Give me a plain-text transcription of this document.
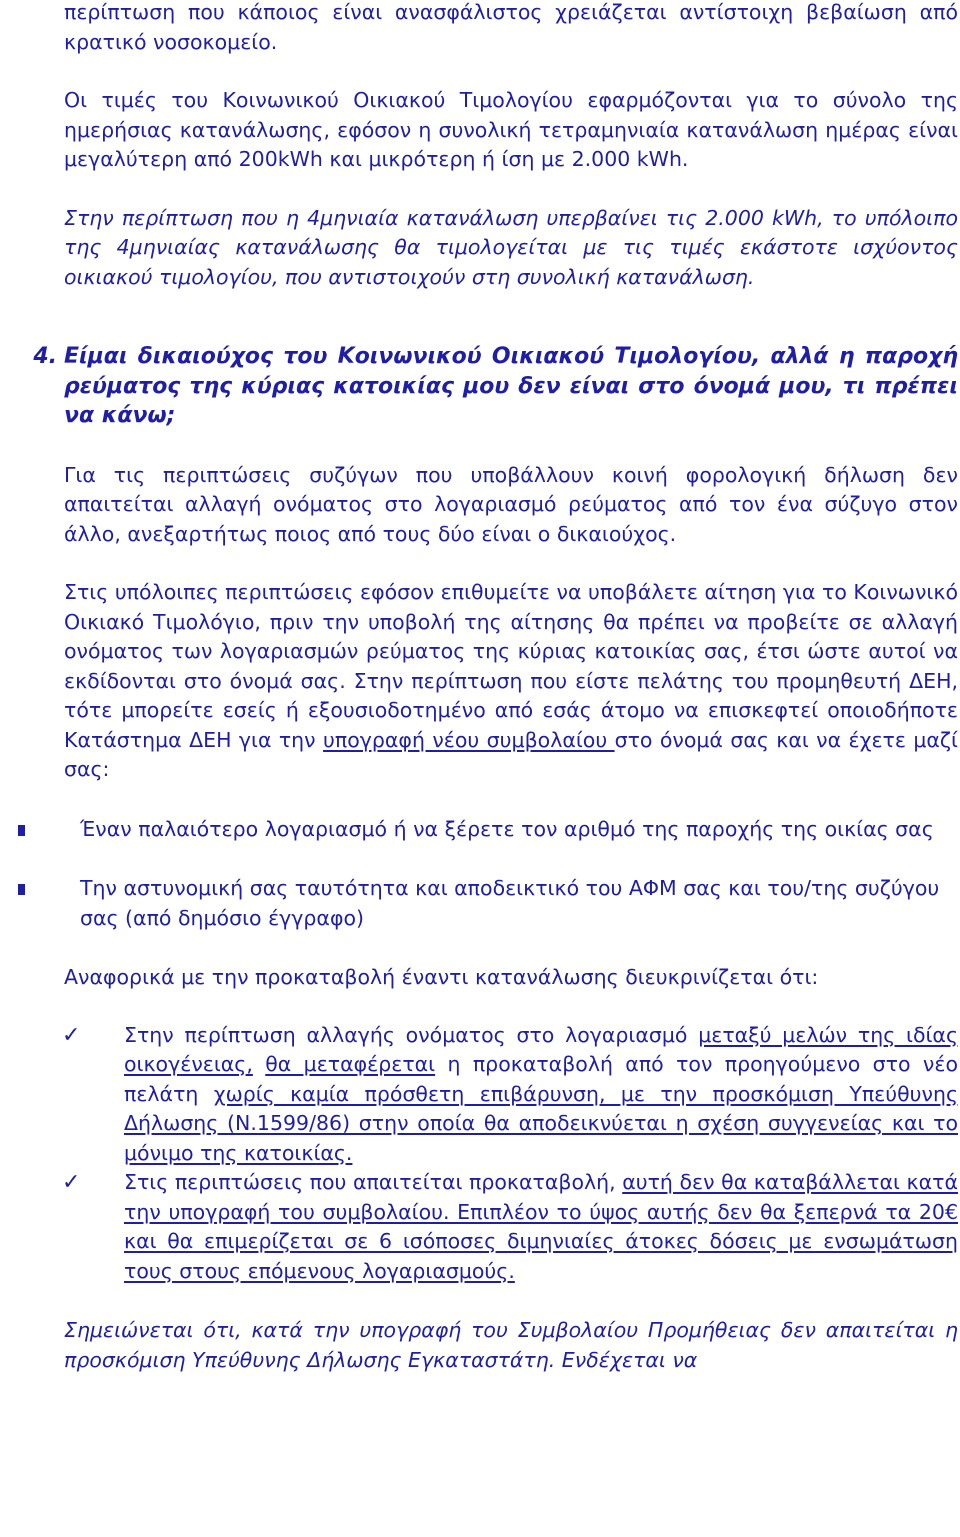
περίπτωση που κάποιος είναι ανασφάλιστος χρειάζεται αντίστοιχη βεβαίωση από κρατικό νοσοκομείο.

Οι τιμές του Κοινωνικού Οικιακού Τιμολογίου εφαρμόζονται για το σύνολο της ημερήσιας κατανάλωσης, εφόσον η συνολική τετραμηνιαία κατανάλωση ημέρας είναι μεγαλύτερη από 200kWh και μικρότερη ή ίση με 2.000 kWh.

Στην περίπτωση που η 4μηνιαία κατανάλωση υπερβαίνει τις 2.000 kWh, το υπόλοιπο της 4μηνιαίας κατανάλωσης θα τιμολογείται με τις τιμές εκάστοτε ισχύοντος οικιακού τιμολογίου, που αντιστοιχούν στη συνολική κατανάλωση.

4. Είμαι δικαιούχος του Κοινωνικού Οικιακού Τιμολογίου, αλλά η παροχή ρεύματος της κύριας κατοικίας μου δεν είναι στο όνομά μου, τι πρέπει να κάνω;

Για τις περιπτώσεις συζύγων που υποβάλλουν κοινή φορολογική δήλωση δεν απαιτείται αλλαγή ονόματος στο λογαριασμό ρεύματος από τον ένα σύζυγο στον άλλο, ανεξαρτήτως ποιος από τους δύο είναι ο δικαιούχος.

Στις υπόλοιπες περιπτώσεις εφόσον επιθυμείτε να υποβάλετε αίτηση για το Κοινωνικό Οικιακό Τιμολόγιο, πριν την υποβολή της αίτησης θα πρέπει να προβείτε σε αλλαγή ονόματος των λογαριασμών ρεύματος της κύριας κατοικίας σας, έτσι ώστε αυτοί να εκδίδονται στο όνομά σας. Στην περίπτωση που είστε πελάτης του προμηθευτή ΔΕΗ, τότε μπορείτε εσείς ή εξουσιοδοτημένο από εσάς άτομο να επισκεφτεί οποιοδήποτε Κατάστημα ΔΕΗ για την υπογραφή νέου συμβολαίου στο όνομά σας και να έχετε μαζί σας:

Έναν παλαιότερο λογαριασμό ή να ξέρετε τον αριθμό της παροχής της οικίας σας
Την αστυνομική σας ταυτότητα και αποδεικτικό του ΑΦΜ σας και του/της συζύγου σας (από δημόσιο έγγραφο)

Αναφορικά με την προκαταβολή έναντι κατανάλωσης διευκρινίζεται ότι:

✓ Στην περίπτωση αλλαγής ονόματος στο λογαριασμό μεταξύ μελών της ιδίας οικογένειας, θα μεταφέρεται η προκαταβολή από τον προηγούμενο στο νέο πελάτη χωρίς καμία πρόσθετη επιβάρυνση, με την προσκόμιση Υπεύθυνης Δήλωσης (Ν.1599/86) στην οποία θα αποδεικνύεται η σχέση συγγενείας και το μόνιμο της κατοικίας.
✓ Στις περιπτώσεις που απαιτείται προκαταβολή, αυτή δεν θα καταβάλλεται κατά την υπογραφή του συμβολαίου. Επιπλέον το ύψος αυτής δεν θα ξεπερνά τα 20€ και θα επιμερίζεται σε 6 ισόποσες διμηνιαίες άτοκες δόσεις με ενσωμάτωση τους στους επόμενους λογαριασμούς.

Σημειώνεται ότι, κατά την υπογραφή του Συμβολαίου Προμήθειας δεν απαιτείται η προσκόμιση Υπεύθυνης Δήλωσης Εγκαταστάτη. Ενδέχεται να
